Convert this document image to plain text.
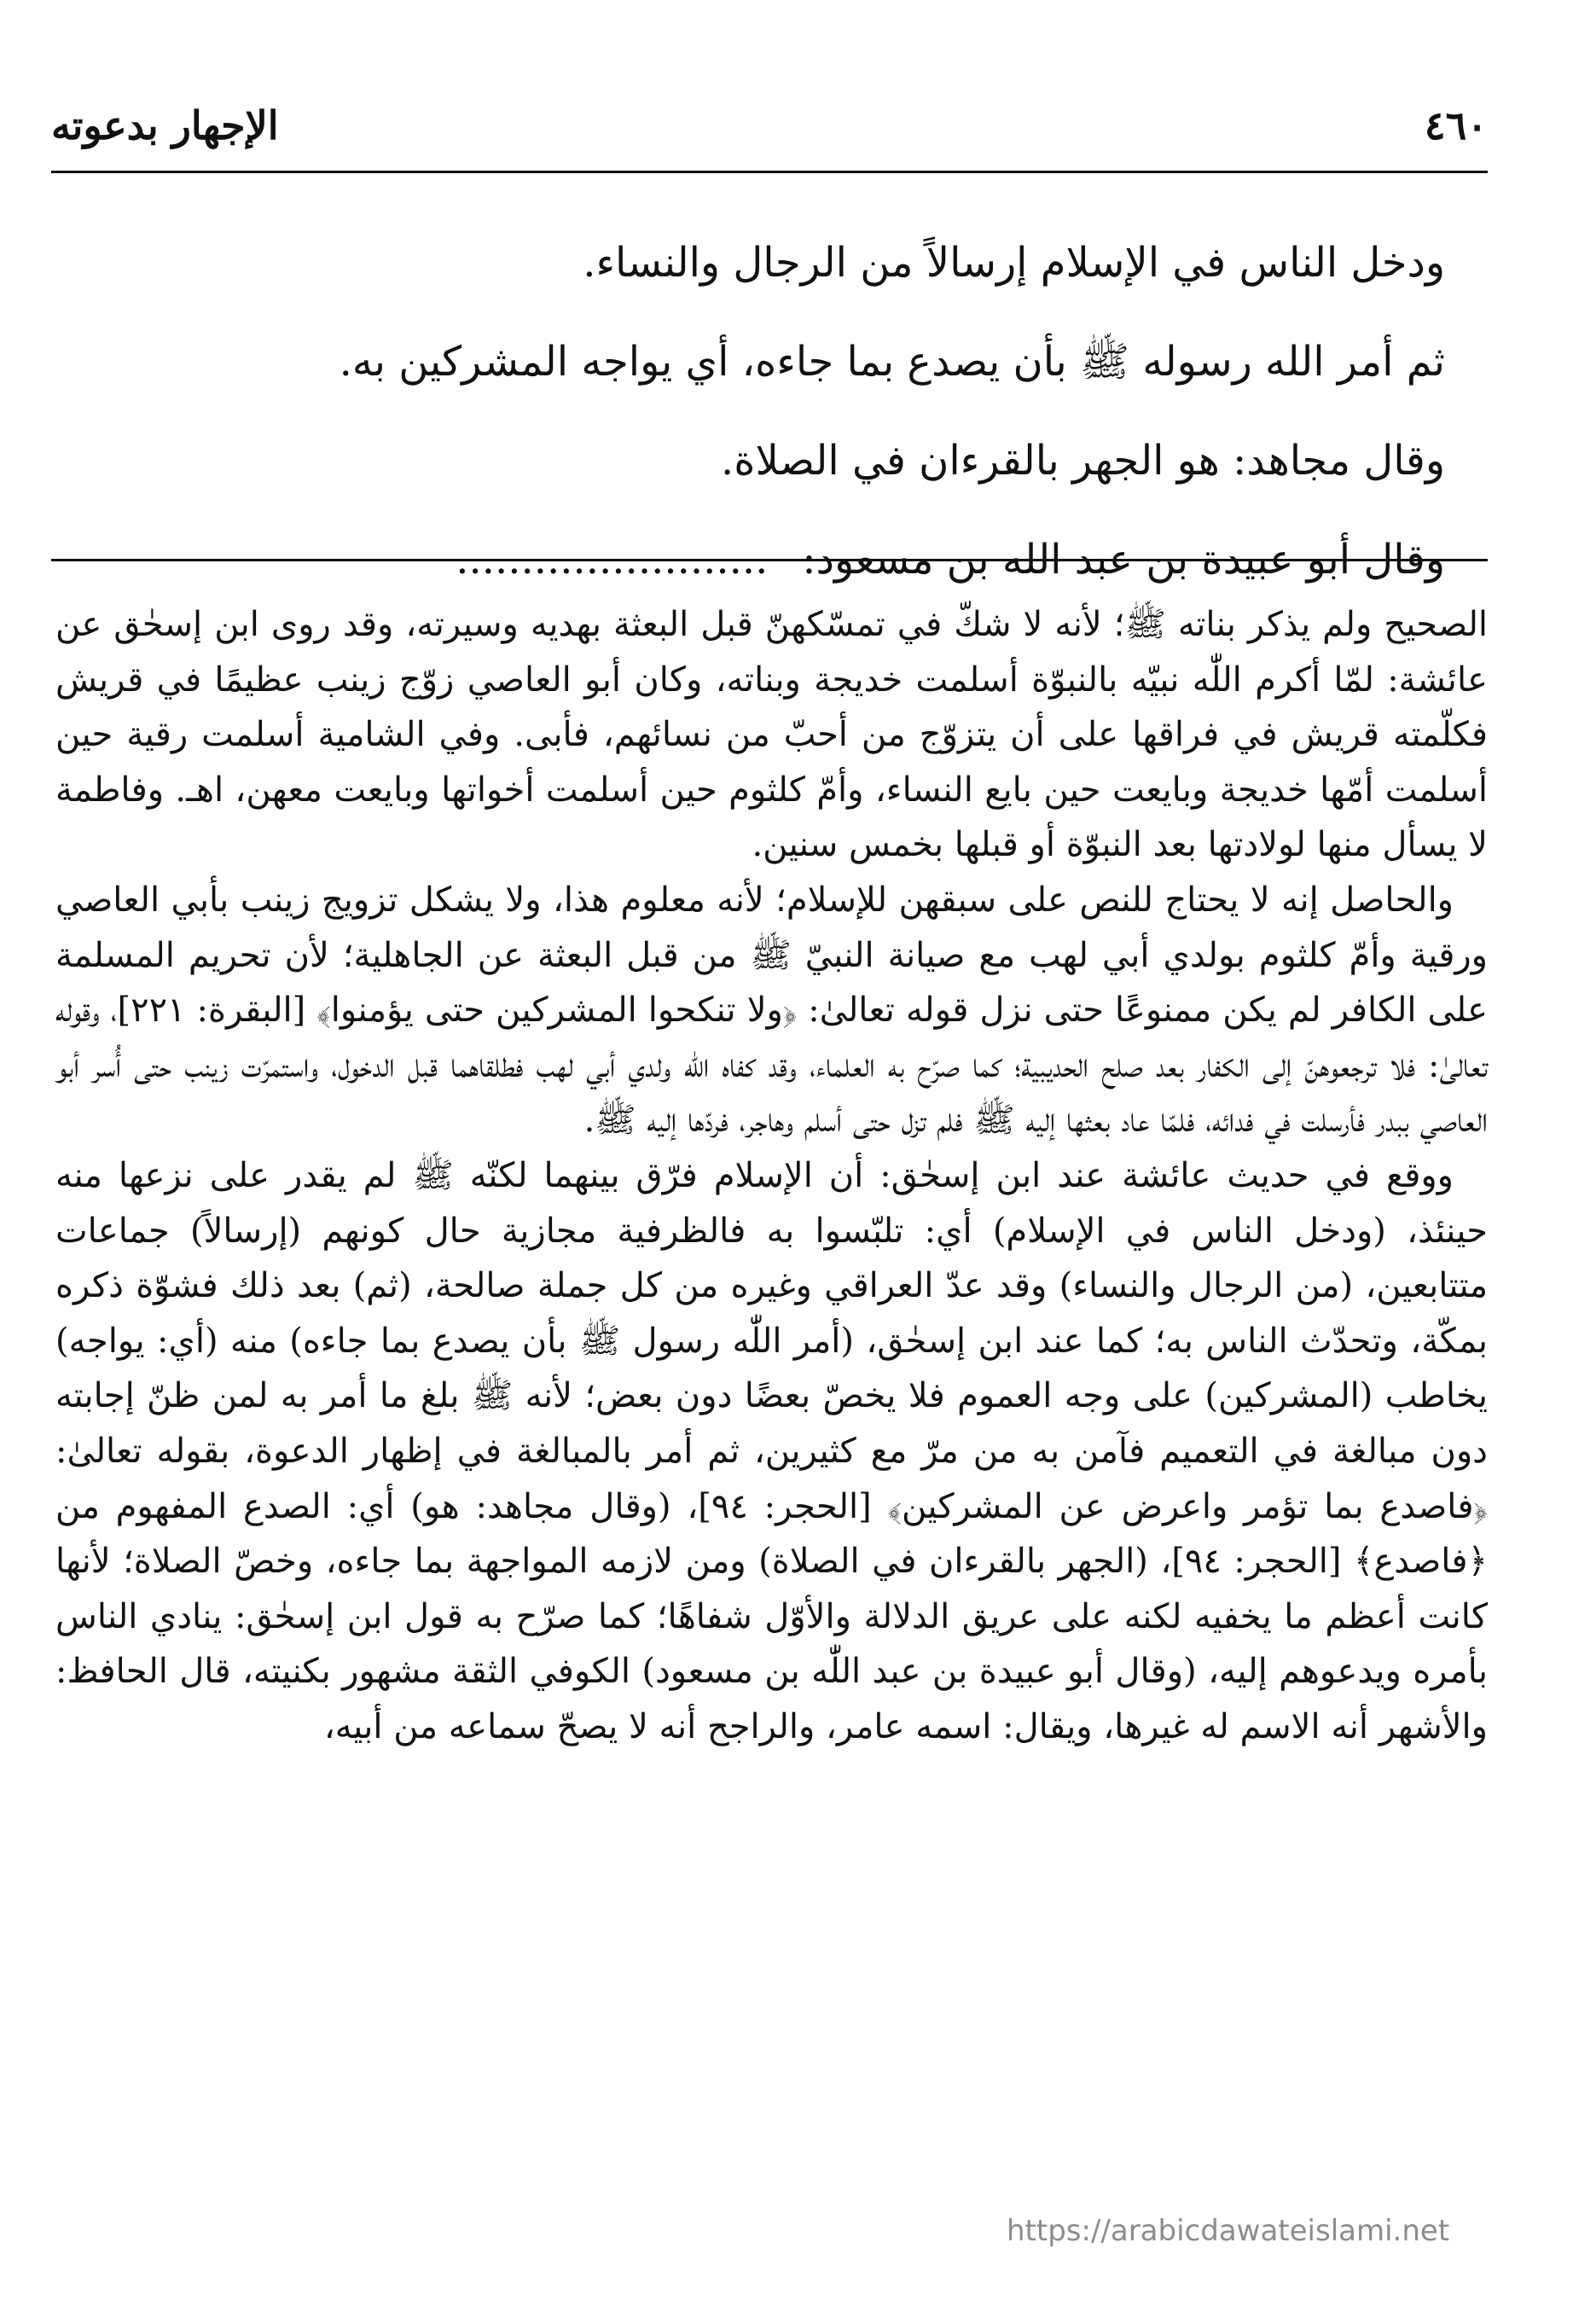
٤٦٠
الإجهار بدعوته
ودخل الناس في الإسلام إرسالاً من الرجال والنساء.
ثم أمر الله رسوله ﷺ بأن يصدع بما جاءه، أي يواجه المشركين به.
وقال مجاهد: هو الجهر بالقرءان في الصلاة.
وقال أبو عبيدة بن عبد الله بن مسعود:........................

الصحيح ولم يذكر بناته ﷺ؛ لأنه لا شكّ في تمسّكهنّ قبل البعثة بهديه وسيرته، وقد روى ابن إسحٰق عن عائشة: لمّا أكرم اللّٰه نبيّه بالنبوّة أسلمت خديجة وبناته، وكان أبو العاصي زوّج زينب عظيمًا في قريش فكلّمته قريش في فراقها على أن يتزوّج من أحبّ من نسائهم، فأبى. وفي الشامية أسلمت رقية حين أسلمت أمّها خديجة وبايعت حين بايع النساء، وأمّ كلثوم حين أسلمت أخواتها وبايعت معهن، اهـ. وفاطمة لا يسأل منها لولادتها بعد النبوّة أو قبلها بخمس سنين.

والحاصل إنه لا يحتاج للنص على سبقهن للإسلام؛ لأنه معلوم هذا، ولا يشكل تزويج زينب بأبي العاصي ورقية وأمّ كلثوم بولدي أبي لهب مع صيانة النبيّ ﷺ من قبل البعثة عن الجاهلية؛ لأن تحريم المسلمة على الكافر لم يكن ممنوعًا حتى نزل قوله تعالىٰ: ﴿ولا تنكحوا المشركين حتى يؤمنوا﴾ [البقرة: ٢٢١]، وقوله تعالىٰ: فلا ترجعوهنّ إلى الكفار بعد صلح الحديبية؛ كما صرّح به العلماء، وقد كفاه اللّٰه ولدي أبي لهب فطلقاهما قبل الدخول، واستمرّت زينب حتى أُسر أبو العاصي ببدر فأرسلت في فدائه، فلمّا عاد بعثها إليه ﷺ فلم تزل حتى أسلم وهاجر، فردّها إليه ﷺ.

ووقع في حديث عائشة عند ابن إسحٰق: أن الإسلام فرّق بينهما لكنّه ﷺ لم يقدر على نزعها منه حينئذ، (ودخل الناس في الإسلام) أي: تلبّسوا به فالظرفية مجازية حال كونهم (إرسالاً) جماعات متتابعين، (من الرجال والنساء) وقد عدّ العراقي وغيره من كل جملة صالحة، (ثم) بعد ذلك فشوّة ذكره بمكّة، وتحدّث الناس به؛ كما عند ابن إسحٰق، (أمر اللّٰه رسول ﷺ بأن يصدع بما جاءه) منه (أي: يواجه) يخاطب (المشركين) على وجه العموم فلا يخصّ بعضًا دون بعض؛ لأنه ﷺ بلغ ما أمر به لمن ظنّ إجابته دون مبالغة في التعميم فآمن به من مرّ مع كثيرين، ثم أمر بالمبالغة في إظهار الدعوة، بقوله تعالىٰ: ﴿فاصدع بما تؤمر واعرض عن المشركين﴾ [الحجر: ٩٤]، (وقال مجاهد: هو) أي: الصدع المفهوم من ﴿فاصدع﴾ [الحجر: ٩٤]، (الجهر بالقرءان في الصلاة) ومن لازمه المواجهة بما جاءه، وخصّ الصلاة؛ لأنها كانت أعظم ما يخفيه لكنه على عريق الدلالة والأوّل شفاهًا؛ كما صرّح به قول ابن إسحٰق: ينادي الناس بأمره ويدعوهم إليه، (وقال أبو عبيدة بن عبد اللّٰه بن مسعود) الكوفي الثقة مشهور بكنيته، قال الحافظ: والأشهر أنه الاسم له غيرها، ويقال: اسمه عامر، والراجح أنه لا يصحّ سماعه من أبيه،

https://arabicdawateislami.net
